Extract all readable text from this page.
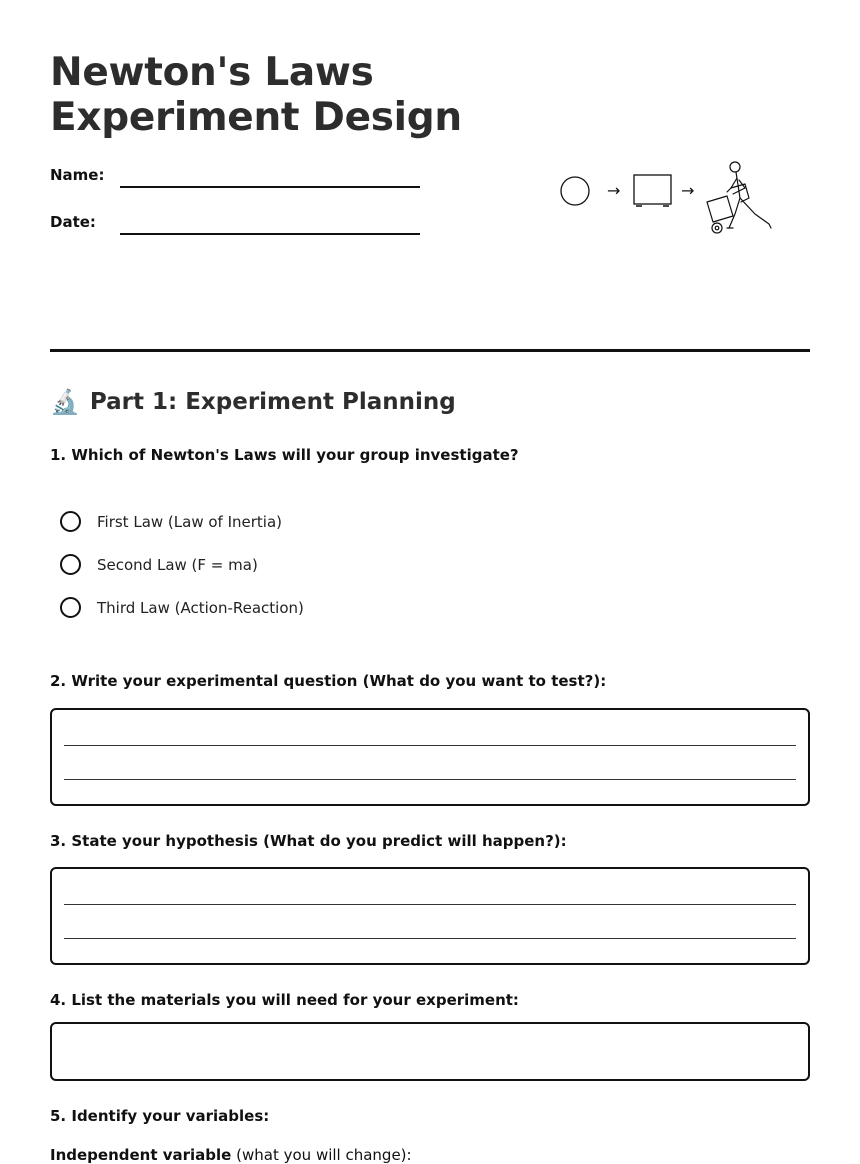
Newton's Laws
Experiment Design
Name:
Date:
→	→
🔬 Part 1: Experiment Planning
1. Which of Newton's Laws will your group investigate?
First Law (Law of Inertia)
Second Law (F = ma)
Third Law (Action-Reaction)
2. Write your experimental question (What do you want to test?):
3. State your hypothesis (What do you predict will happen?):
4. List the materials you will need for your experiment:
5. Identify your variables:
Independent variable (what you will change):
